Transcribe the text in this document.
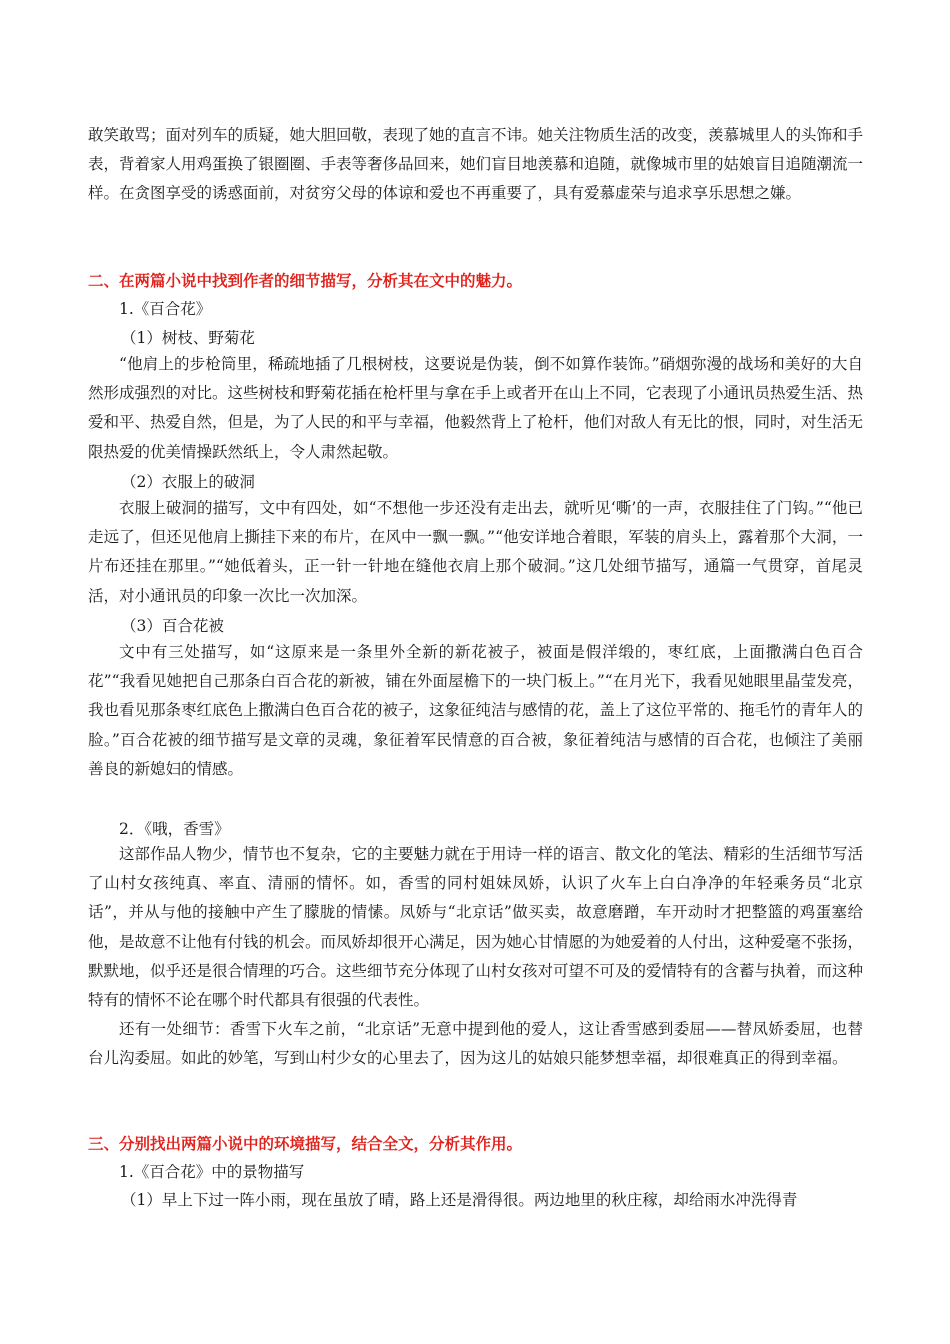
敢笑敢骂；面对列车的质疑，她大胆回敬，表现了她的直言不讳。她关注物质生活的改变，羡慕城里人的头饰和手表，背着家人用鸡蛋换了银圈圈、手表等奢侈品回来，她们盲目地羡慕和追随，就像城市里的姑娘盲目追随潮流一样。在贪图享受的诱惑面前，对贫穷父母的体谅和爱也不再重要了，具有爱慕虚荣与追求享乐思想之嫌。

二、在两篇小说中找到作者的细节描写，分析其在文中的魅力。

1.《百合花》

（1）树枝、野菊花

“他肩上的步枪筒里，稀疏地插了几根树枝，这要说是伪装，倒不如算作装饰。”硝烟弥漫的战场和美好的大自然形成强烈的对比。这些树枝和野菊花插在枪杆里与拿在手上或者开在山上不同，它表现了小通讯员热爱生活、热爱和平、热爱自然，但是，为了人民的和平与幸福，他毅然背上了枪杆，他们对敌人有无比的恨，同时，对生活无限热爱的优美情操跃然纸上，令人肃然起敬。

（2）衣服上的破洞

衣服上破洞的描写，文中有四处，如“不想他一步还没有走出去，就听见‘嘶’的一声，衣服挂住了门钩。”“他已走远了，但还见他肩上撕挂下来的布片，在风中一飘一飘。”“他安详地合着眼，军装的肩头上，露着那个大洞，一片布还挂在那里。”“她低着头，正一针一针地在缝他衣肩上那个破洞。”这几处细节描写，通篇一气贯穿，首尾灵活，对小通讯员的印象一次比一次加深。

（3）百合花被

文中有三处描写，如“这原来是一条里外全新的新花被子，被面是假洋缎的，枣红底，上面撒满白色百合花”“我看见她把自己那条白百合花的新被，铺在外面屋檐下的一块门板上。”“在月光下，我看见她眼里晶莹发亮，我也看见那条枣红底色上撒满白色百合花的被子，这象征纯洁与感情的花，盖上了这位平常的、拖毛竹的青年人的脸。”百合花被的细节描写是文章的灵魂，象征着军民情意的百合被，象征着纯洁与感情的百合花，也倾注了美丽善良的新媳妇的情感。

2．《哦，香雪》

这部作品人物少，情节也不复杂，它的主要魅力就在于用诗一样的语言、散文化的笔法、精彩的生活细节写活了山村女孩纯真、率直、清丽的情怀。如，香雪的同村姐妹凤娇，认识了火车上白白净净的年轻乘务员“北京话”，并从与他的接触中产生了朦胧的情愫。凤娇与“北京话”做买卖，故意磨蹭，车开动时才把整篮的鸡蛋塞给他，是故意不让他有付钱的机会。而凤娇却很开心满足，因为她心甘情愿的为她爱着的人付出，这种爱毫不张扬，默默地，似乎还是很合情理的巧合。这些细节充分体现了山村女孩对可望不可及的爱情特有的含蓄与执着，而这种特有的情怀不论在哪个时代都具有很强的代表性。

还有一处细节：香雪下火车之前，“北京话”无意中提到他的爱人，这让香雪感到委屈——替凤娇委屈，也替台儿沟委屈。如此的妙笔，写到山村少女的心里去了，因为这儿的姑娘只能梦想幸福，却很难真正的得到幸福。

三、分别找出两篇小说中的环境描写，结合全文，分析其作用。

1.《百合花》中的景物描写

（1）早上下过一阵小雨，现在虽放了晴，路上还是滑得很。两边地里的秋庄稼，却给雨水冲洗得青
